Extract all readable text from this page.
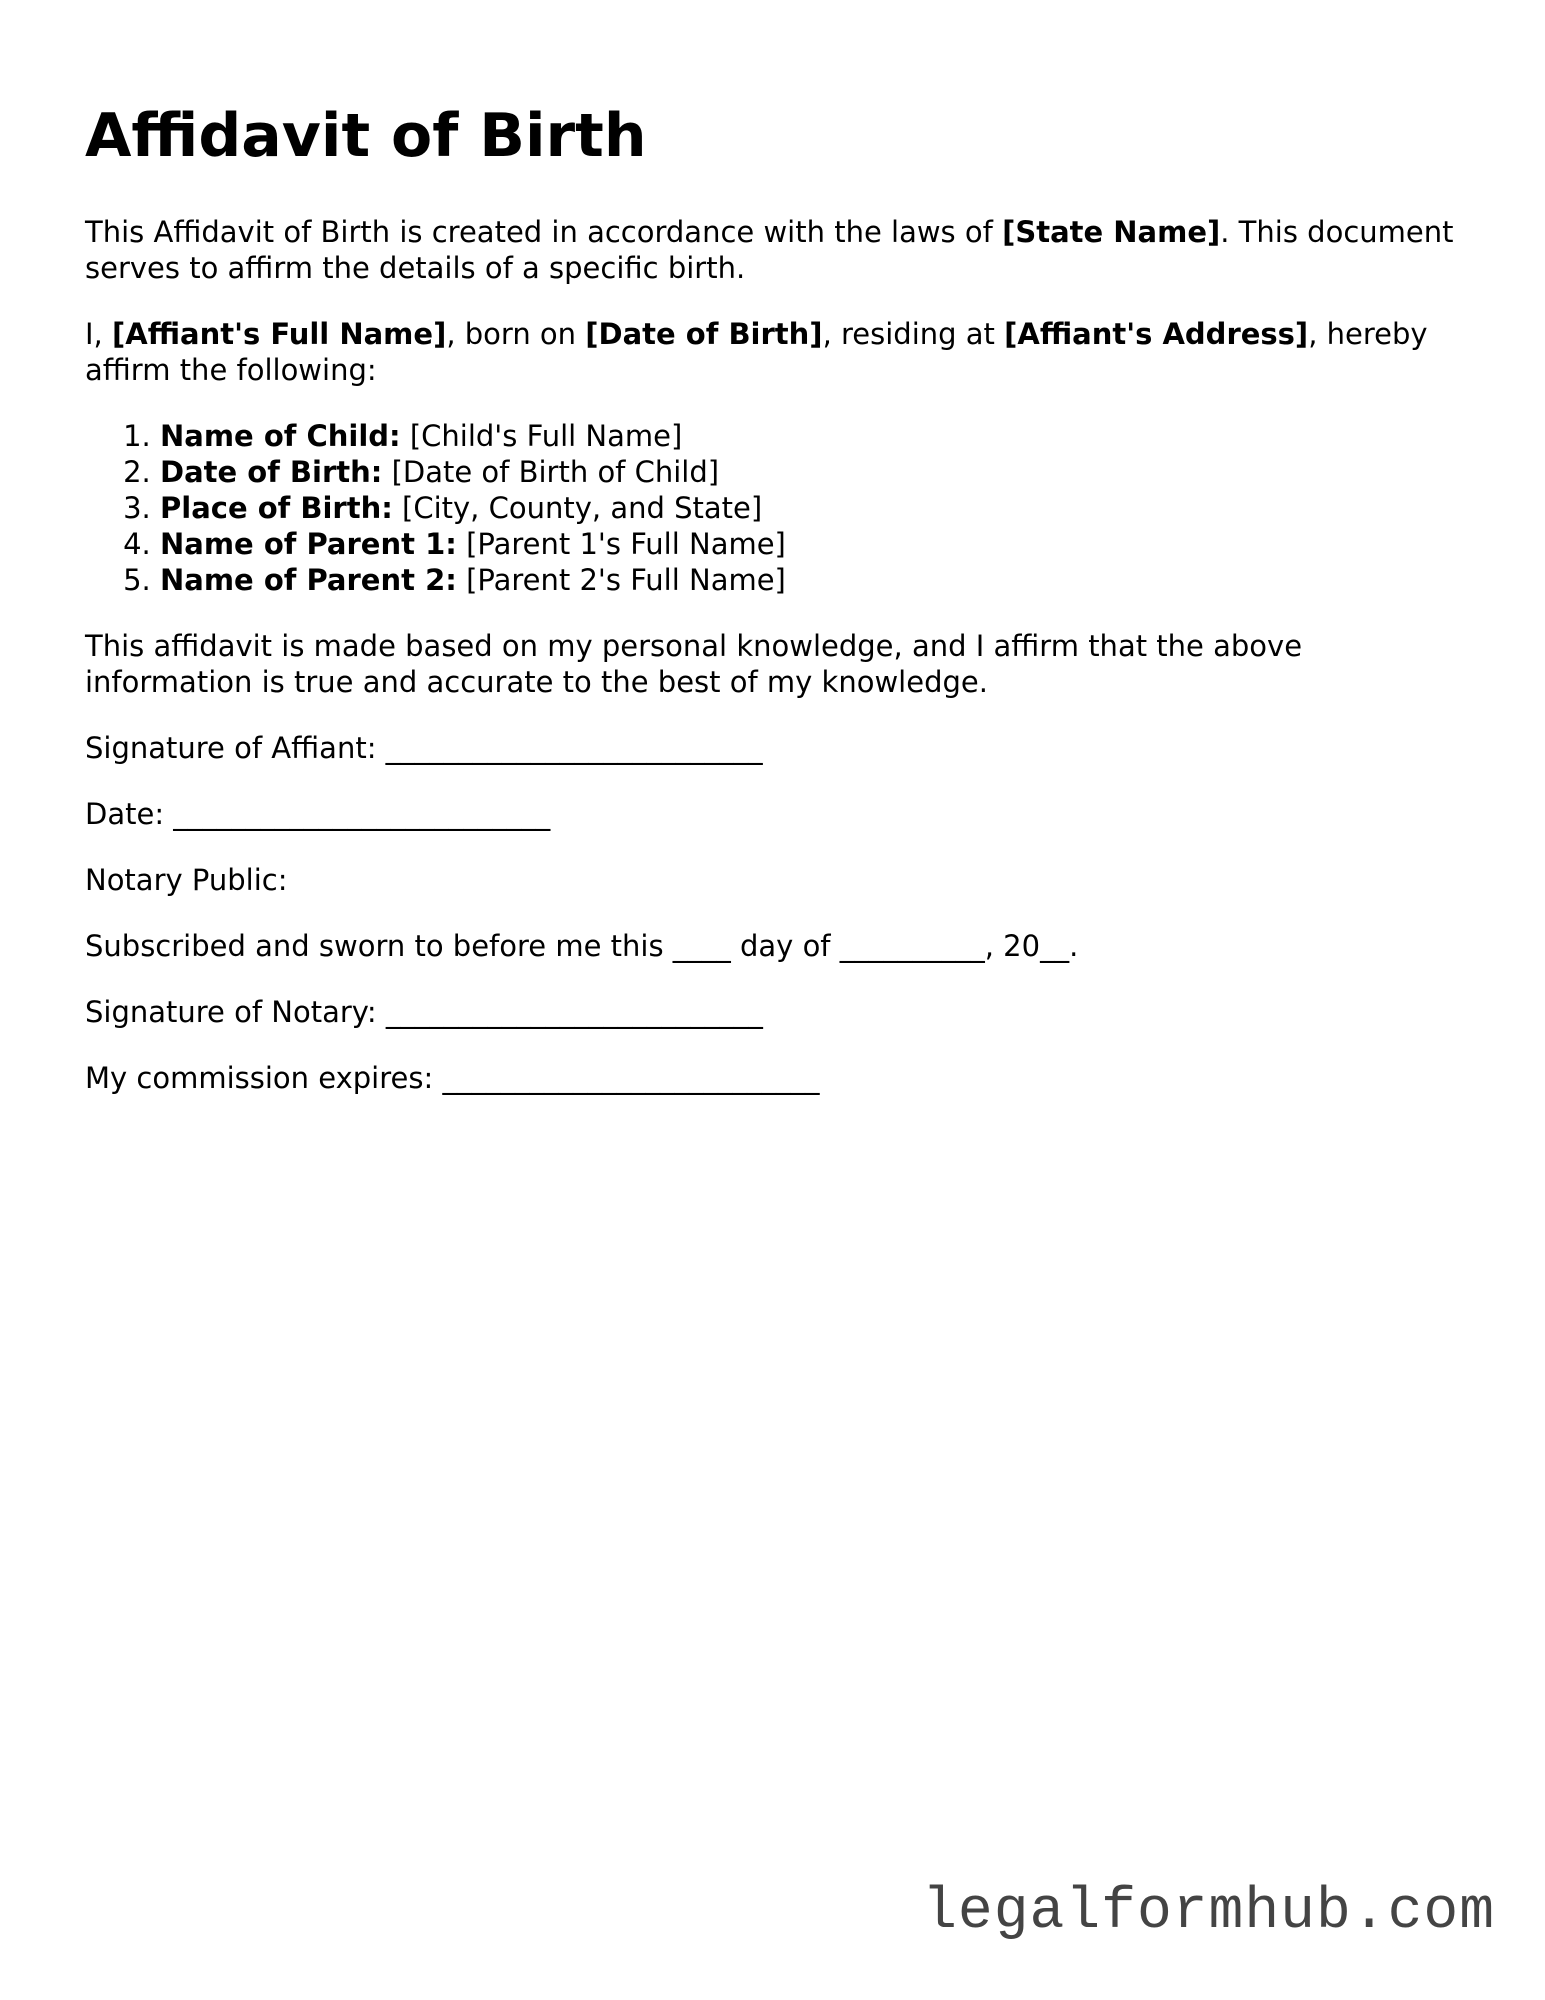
Affidavit of Birth

This Affidavit of Birth is created in accordance with the laws of [State Name]. This document serves to affirm the details of a specific birth.

I, [Affiant's Full Name], born on [Date of Birth], residing at [Affiant's Address], hereby affirm the following:

1. Name of Child: [Child's Full Name]
2. Date of Birth: [Date of Birth of Child]
3. Place of Birth: [City, County, and State]
4. Name of Parent 1: [Parent 1's Full Name]
5. Name of Parent 2: [Parent 2's Full Name]

This affidavit is made based on my personal knowledge, and I affirm that the above information is true and accurate to the best of my knowledge.

Signature of Affiant: __________________________

Date: __________________________

Notary Public:

Subscribed and sworn to before me this ____ day of __________, 20__.

Signature of Notary: __________________________

My commission expires: __________________________

legalformhub.com
